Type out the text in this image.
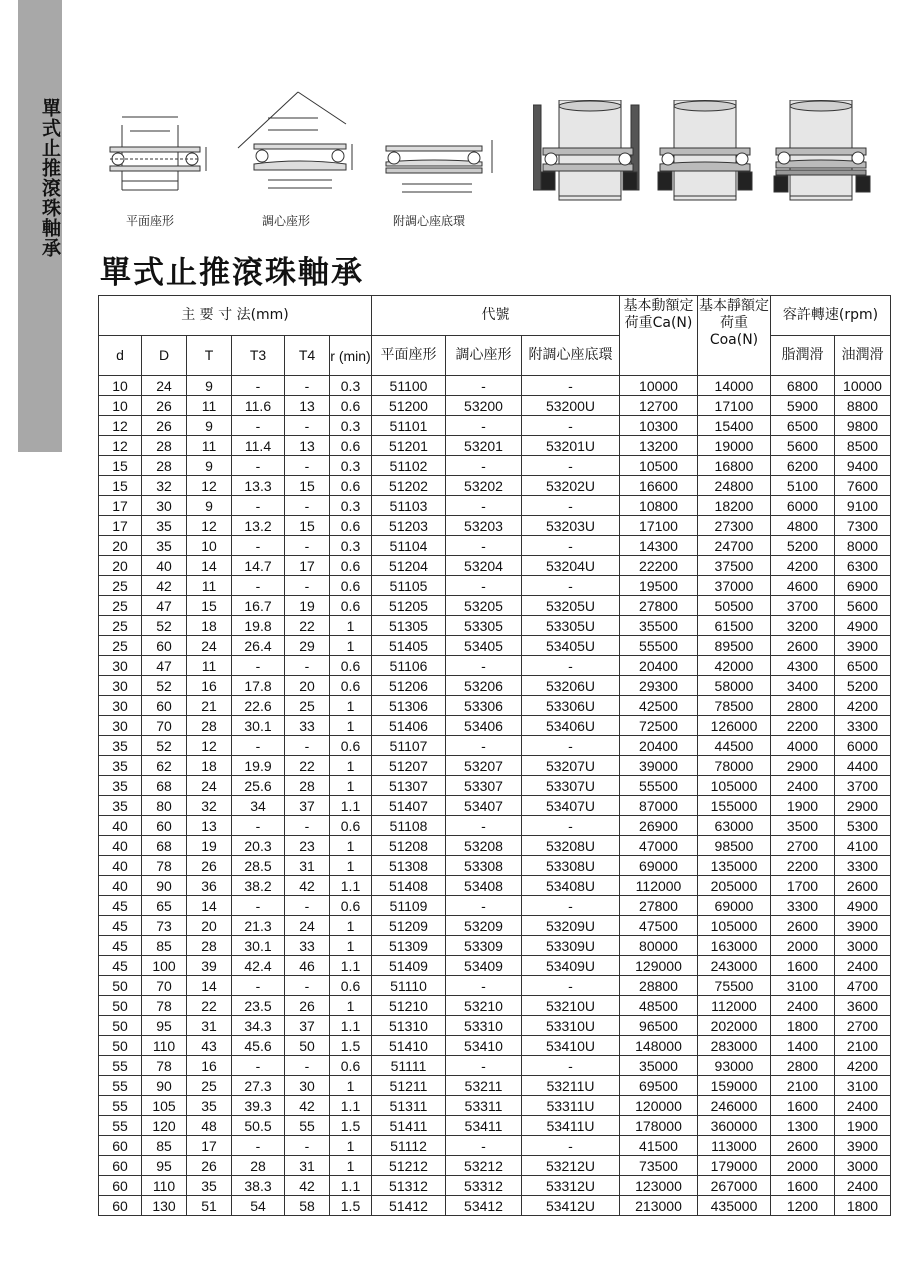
單式止推滾珠軸承	平面座形	調心座形	附調心座底環
單式止推滾珠軸承
主 要 寸 法(mm)						代號			基本動額定荷重Ca(N)	基本靜額定荷重Coa(N)	容許轉速(rpm)	
d	D	T	T3	T4	r (min)	平面座形	調心座形	附調心座底環			脂潤滑	油潤滑
10	24	9	-	-	0.3	51100	-	-	10000	14000	6800	10000
10	26	11	11.6	13	0.6	51200	53200	53200U	12700	17100	5900	8800
12	26	9	-	-	0.3	51101	-	-	10300	15400	6500	9800
12	28	11	11.4	13	0.6	51201	53201	53201U	13200	19000	5600	8500
15	28	9	-	-	0.3	51102	-	-	10500	16800	6200	9400
15	32	12	13.3	15	0.6	51202	53202	53202U	16600	24800	5100	7600
17	30	9	-	-	0.3	51103	-	-	10800	18200	6000	9100
17	35	12	13.2	15	0.6	51203	53203	53203U	17100	27300	4800	7300
20	35	10	-	-	0.3	51104	-	-	14300	24700	5200	8000
20	40	14	14.7	17	0.6	51204	53204	53204U	22200	37500	4200	6300
25	42	11	-	-	0.6	51105	-	-	19500	37000	4600	6900
25	47	15	16.7	19	0.6	51205	53205	53205U	27800	50500	3700	5600
25	52	18	19.8	22	1	51305	53305	53305U	35500	61500	3200	4900
25	60	24	26.4	29	1	51405	53405	53405U	55500	89500	2600	3900
30	47	11	-	-	0.6	51106	-	-	20400	42000	4300	6500
30	52	16	17.8	20	0.6	51206	53206	53206U	29300	58000	3400	5200
30	60	21	22.6	25	1	51306	53306	53306U	42500	78500	2800	4200
30	70	28	30.1	33	1	51406	53406	53406U	72500	126000	2200	3300
35	52	12	-	-	0.6	51107	-	-	20400	44500	4000	6000
35	62	18	19.9	22	1	51207	53207	53207U	39000	78000	2900	4400
35	68	24	25.6	28	1	51307	53307	53307U	55500	105000	2400	3700
35	80	32	34	37	1.1	51407	53407	53407U	87000	155000	1900	2900
40	60	13	-	-	0.6	51108	-	-	26900	63000	3500	5300
40	68	19	20.3	23	1	51208	53208	53208U	47000	98500	2700	4100
40	78	26	28.5	31	1	51308	53308	53308U	69000	135000	2200	3300
40	90	36	38.2	42	1.1	51408	53408	53408U	112000	205000	1700	2600
45	65	14	-	-	0.6	51109	-	-	27800	69000	3300	4900
45	73	20	21.3	24	1	51209	53209	53209U	47500	105000	2600	3900
45	85	28	30.1	33	1	51309	53309	53309U	80000	163000	2000	3000
45	100	39	42.4	46	1.1	51409	53409	53409U	129000	243000	1600	2400
50	70	14	-	-	0.6	51110	-	-	28800	75500	3100	4700
50	78	22	23.5	26	1	51210	53210	53210U	48500	112000	2400	3600
50	95	31	34.3	37	1.1	51310	53310	53310U	96500	202000	1800	2700
50	110	43	45.6	50	1.5	51410	53410	53410U	148000	283000	1400	2100
55	78	16	-	-	0.6	51111	-	-	35000	93000	2800	4200
55	90	25	27.3	30	1	51211	53211	53211U	69500	159000	2100	3100
55	105	35	39.3	42	1.1	51311	53311	53311U	120000	246000	1600	2400
55	120	48	50.5	55	1.5	51411	53411	53411U	178000	360000	1300	1900
60	85	17	-	-	1	51112	-	-	41500	113000	2600	3900
60	95	26	28	31	1	51212	53212	53212U	73500	179000	2000	3000
60	110	35	38.3	42	1.1	51312	53312	53312U	123000	267000	1600	2400
60	130	51	54	58	1.5	51412	53412	53412U	213000	435000	1200	1800
